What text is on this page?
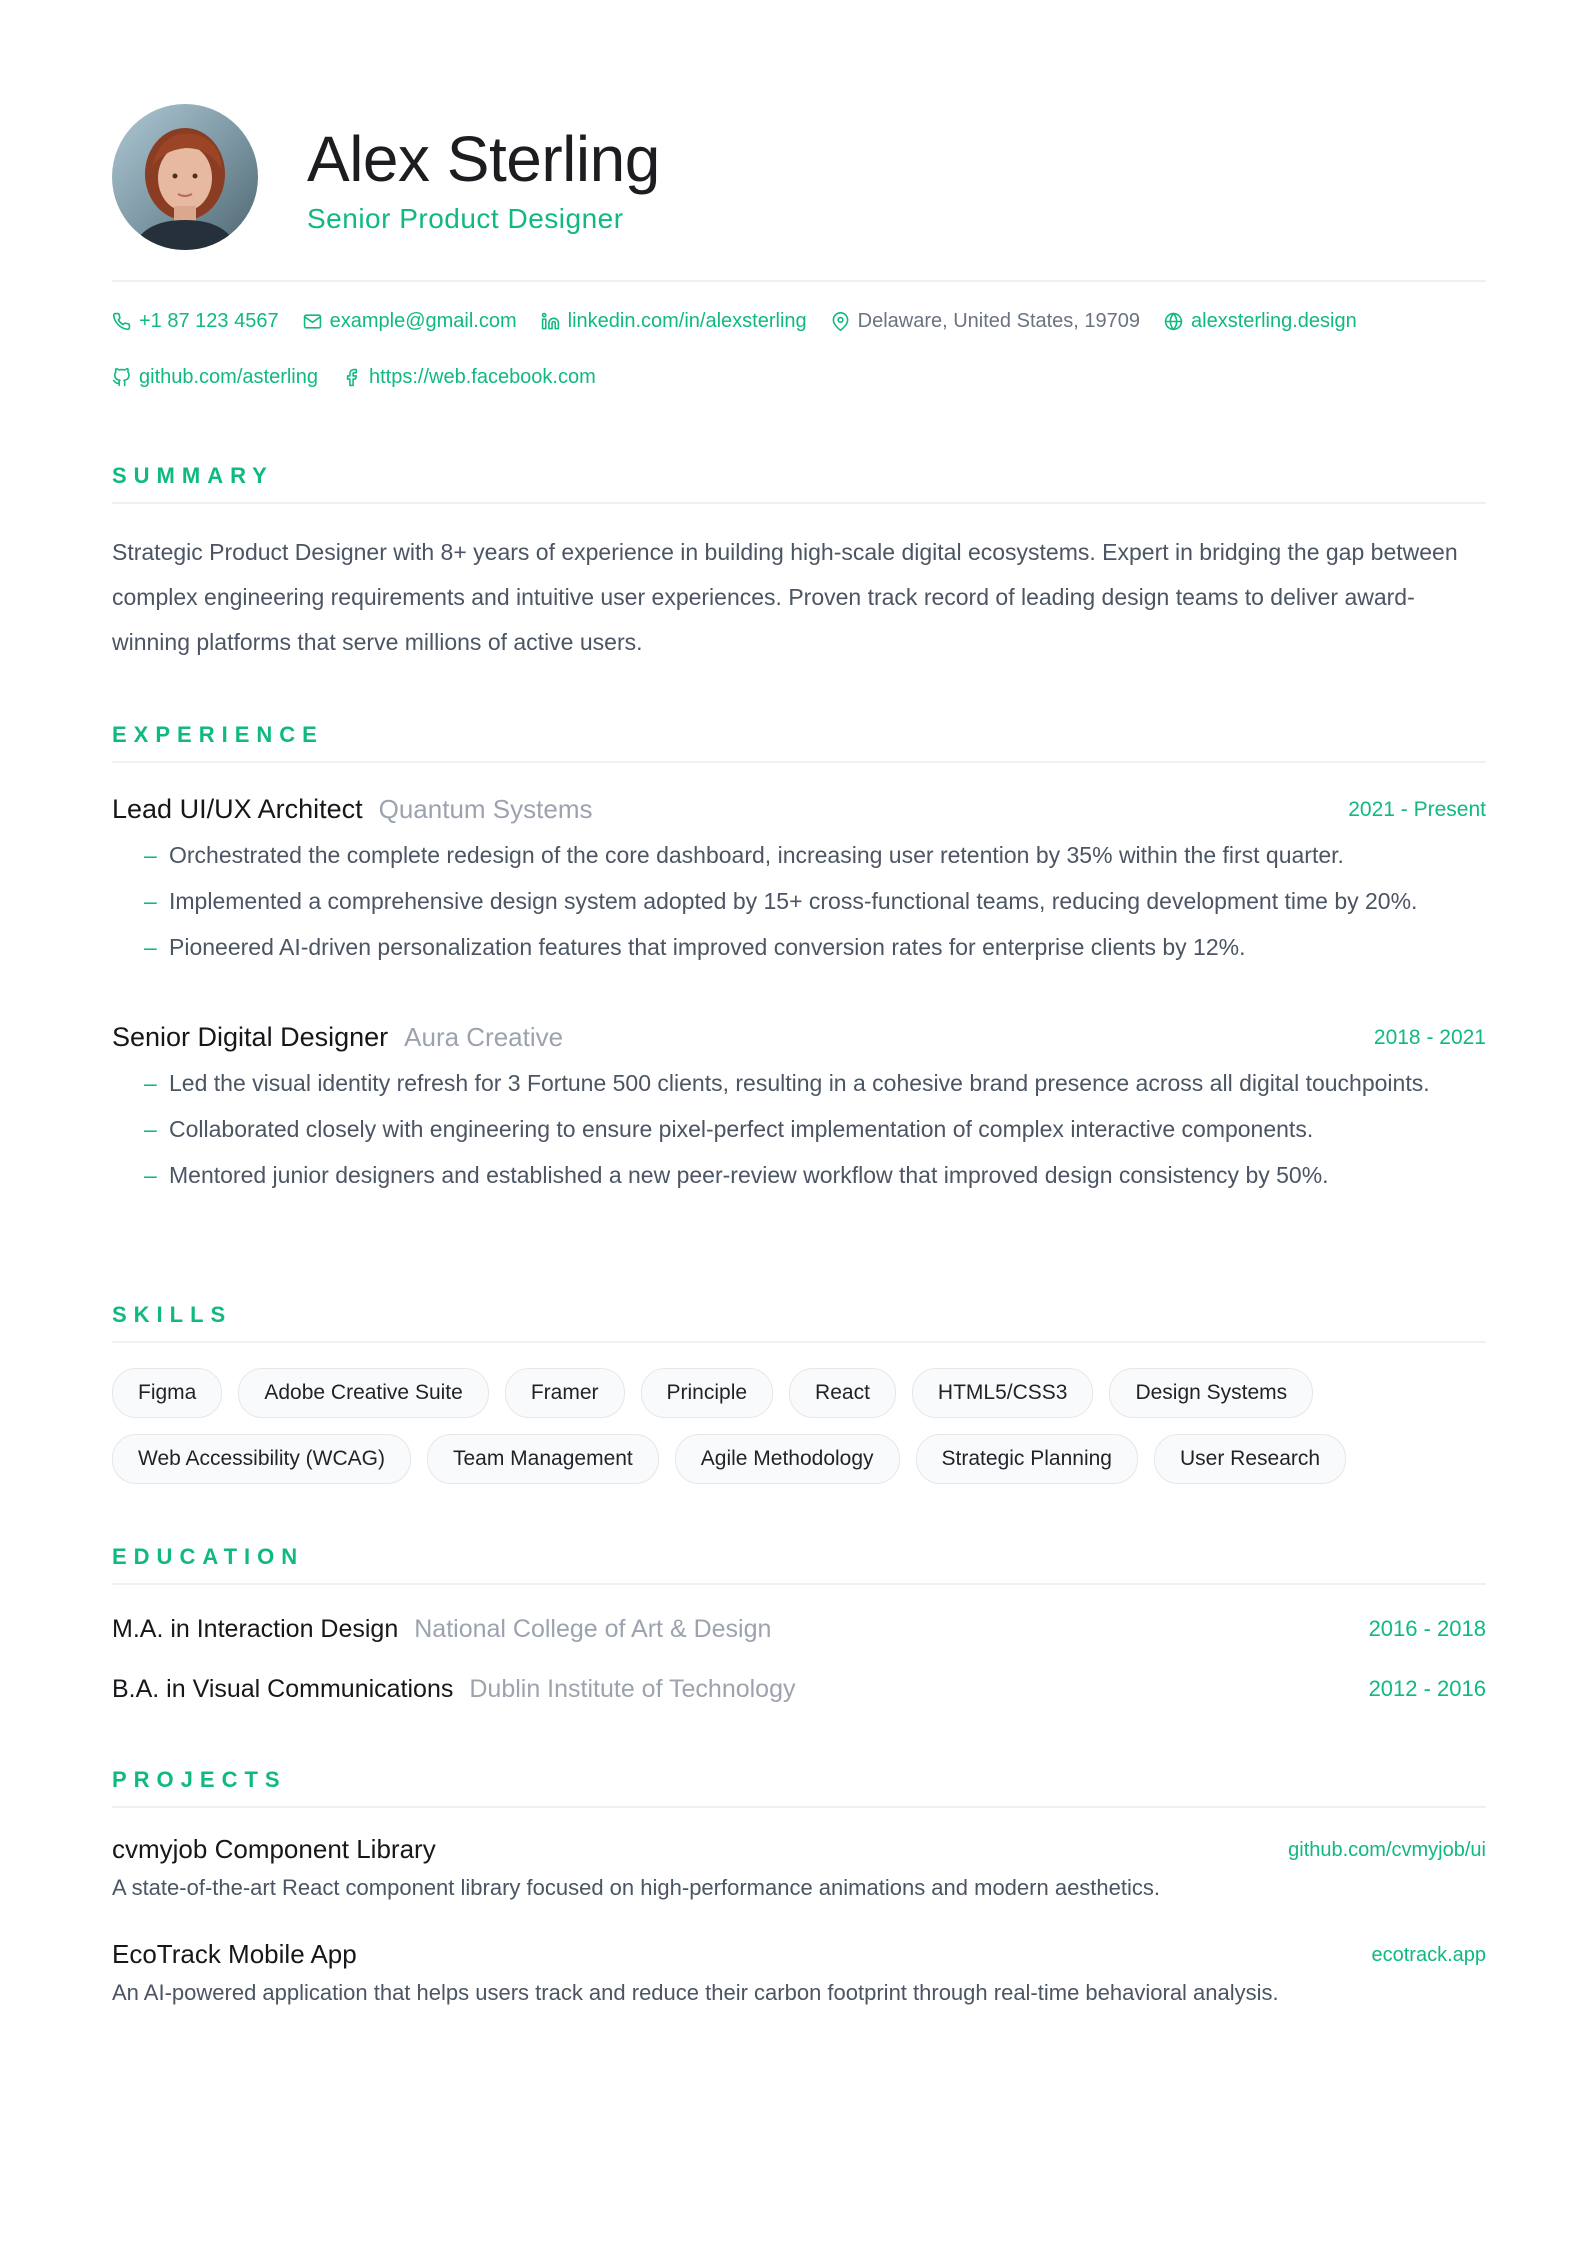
Alex Sterling
Senior Product Designer
+1 87 123 4567	example@gmail.com	linkedin.com/in/alexsterling	Delaware, United States, 19709	alexsterling.design
github.com/asterling	https://web.facebook.com
SUMMARY
Strategic Product Designer with 8+ years of experience in building high-scale digital ecosystems. Expert in bridging the gap between complex engineering requirements and intuitive user experiences. Proven track record of leading design teams to deliver award-winning platforms that serve millions of active users.
EXPERIENCE
Lead UI/UX Architect Quantum Systems	2021 - Present
– Orchestrated the complete redesign of the core dashboard, increasing user retention by 35% within the first quarter.
– Implemented a comprehensive design system adopted by 15+ cross-functional teams, reducing development time by 20%.
– Pioneered AI-driven personalization features that improved conversion rates for enterprise clients by 12%.
Senior Digital Designer Aura Creative	2018 - 2021
– Led the visual identity refresh for 3 Fortune 500 clients, resulting in a cohesive brand presence across all digital touchpoints.
– Collaborated closely with engineering to ensure pixel-perfect implementation of complex interactive components.
– Mentored junior designers and established a new peer-review workflow that improved design consistency by 50%.
SKILLS
Figma	Adobe Creative Suite	Framer	Principle	React	HTML5/CSS3	Design Systems
Web Accessibility (WCAG)	Team Management	Agile Methodology	Strategic Planning	User Research
EDUCATION
M.A. in Interaction Design National College of Art & Design	2016 - 2018
B.A. in Visual Communications Dublin Institute of Technology	2012 - 2016
PROJECTS
cvmyjob Component Library	github.com/cvmyjob/ui
A state-of-the-art React component library focused on high-performance animations and modern aesthetics.
EcoTrack Mobile App	ecotrack.app
An AI-powered application that helps users track and reduce their carbon footprint through real-time behavioral analysis.
